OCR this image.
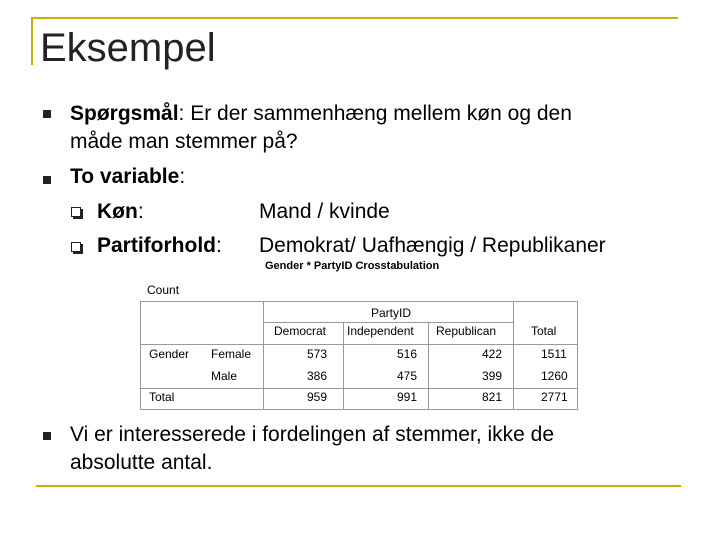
Eksempel
Spørgsmål: Er der sammenhæng mellem køn og den
måde man stemmer på?
To variable:
Køn:	Mand / kvinde
Partiforhold: Demokrat/ Uafhængig / Republikaner
Gender * PartyID Crosstabulation
Count
PartyID
Democrat Independent Republican	Total
Gender Female	573	516	422	1511
Male	386	475	399	1260
Total	959	991	821	2771
Vi er interesserede i fordelingen af stemmer, ikke de
absolutte antal.
